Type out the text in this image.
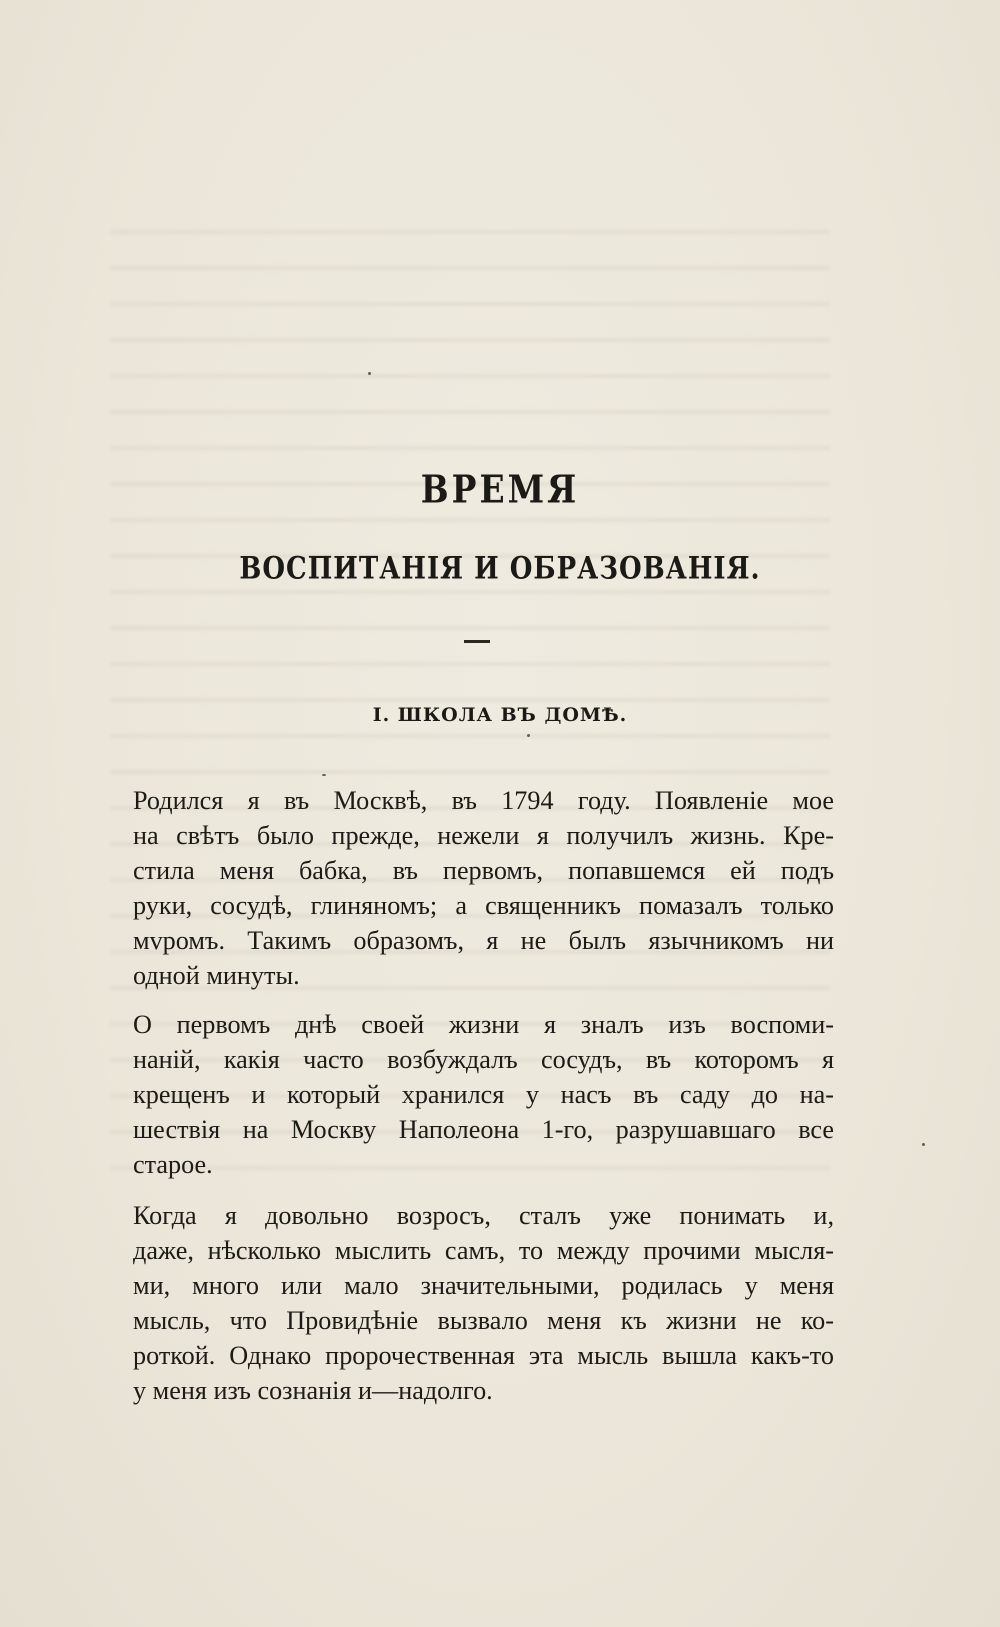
ВРЕМЯ
ВОСПИТАНІЯ И ОБРАЗОВАНІЯ.
I. ШКОЛА ВЪ ДОМѢ.
Родился я въ Москвѣ, въ 1794 году. Появленіе мое
на свѣтъ было прежде, нежели я получилъ жизнь. Кре-
стила меня бабка, въ первомъ, попавшемся ей подъ
руки, сосудѣ, глиняномъ; а священникъ помазалъ только
мvромъ. Такимъ образомъ, я не былъ язычникомъ ни
одной минуты.
О первомъ днѣ своей жизни я зналъ изъ воспоми-
наній, какія часто возбуждалъ сосудъ, въ которомъ я
крещенъ и который хранился у насъ въ саду до на-
шествія на Москву Наполеона 1-го, разрушавшаго все
старое.
Когда я довольно возросъ, сталъ уже понимать и,
даже, нѣсколько мыслить самъ, то между прочими мысля-
ми, много или мало значительными, родилась у меня
мысль, что Провидѣніе вызвало меня къ жизни не ко-
роткой. Однако пророчественная эта мысль вышла какъ-то
у меня изъ сознанія и—надолго.
